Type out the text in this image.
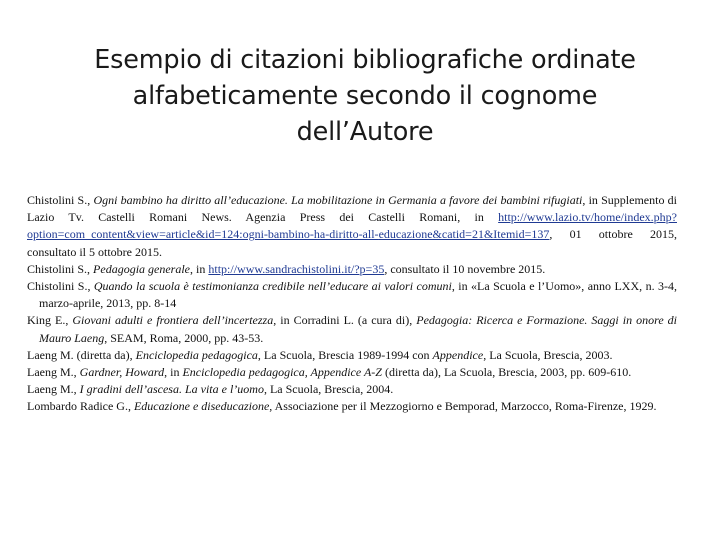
Esempio di citazioni bibliografiche ordinate
alfabeticamente secondo il cognome
dell’Autore

Chistolini S., Ogni bambino ha diritto all’educazione. La mobilitazione in Germania a favore dei bambini rifugiati, in Supplemento di Lazio Tv. Castelli Romani News. Agenzia Press dei Castelli Romani, in http://www.lazio.tv/home/index.php?option=com_content&view=article&id=124:ogni-bambino-ha-diritto-all-educazione&catid=21&Itemid=137, 01 ottobre 2015, consultato il 5 ottobre 2015.

Chistolini S., Pedagogia generale, in http://www.sandrachistolini.it/?p=35, consultato il 10 novembre 2015.

Chistolini S., Quando la scuola è testimonianza credibile nell’educare ai valori comuni, in «La Scuola e l’Uomo», anno LXX, n. 3-4, marzo-aprile, 2013, pp. 8-14

King E., Giovani adulti e frontiera dell’incertezza, in Corradini L. (a cura di), Pedagogia: Ricerca e Formazione. Saggi in onore di Mauro Laeng, SEAM, Roma, 2000, pp. 43-53.

Laeng M. (diretta da), Enciclopedia pedagogica, La Scuola, Brescia 1989-1994 con Appendice, La Scuola, Brescia, 2003.

Laeng M., Gardner, Howard, in Enciclopedia pedagogica, Appendice A-Z (diretta da), La Scuola, Brescia, 2003, pp. 609-610.

Laeng M., I gradini dell’ascesa. La vita e l’uomo, La Scuola, Brescia, 2004.

Lombardo Radice G., Educazione e diseducazione, Associazione per il Mezzogiorno e Bemporad, Marzocco, Roma-Firenze, 1929.
